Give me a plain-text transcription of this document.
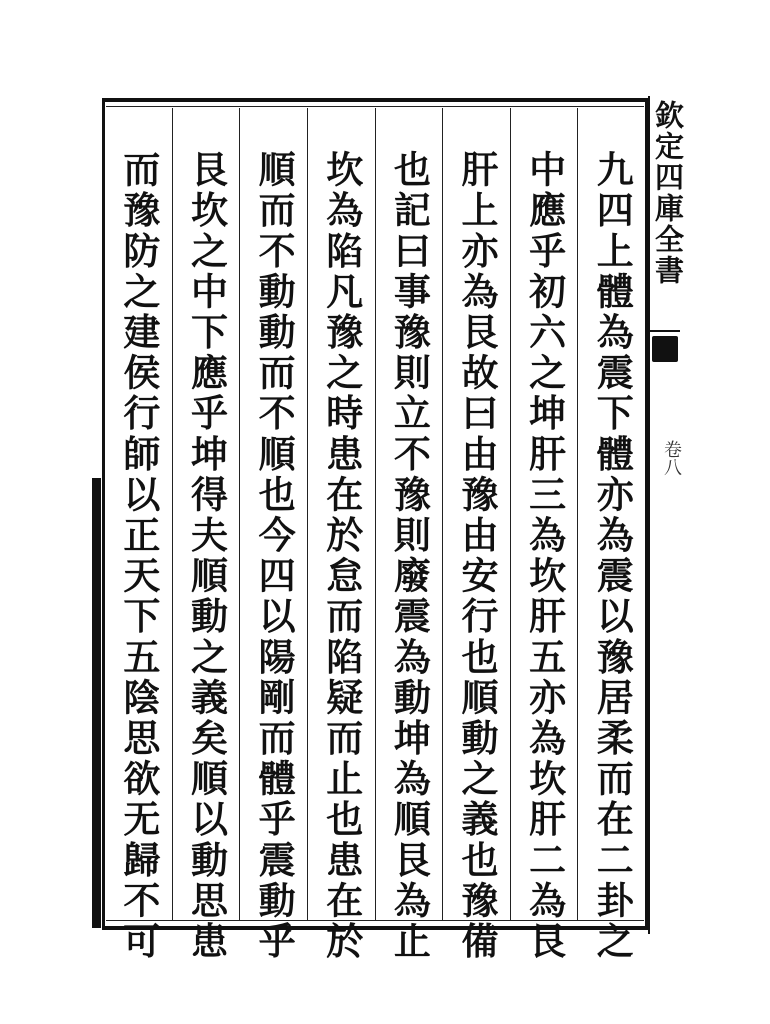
欽定四庫全書
卷八
九四上體為震下體亦為震以豫居柔而在二卦之
中應乎初六之坤肝三為坎肝五亦為坎肝二為艮
肝上亦為艮故曰由豫由安行也順動之義也豫備
也記曰事豫則立不豫則廢震為動坤為順艮為止
坎為陷凡豫之時患在於怠而陷疑而止也患在於
順而不動動而不順也今四以陽剛而體乎震動乎
艮坎之中下應乎坤得夫順動之義矣順以動思患
而豫防之建侯行師以正天下五陰思欲无歸不可
